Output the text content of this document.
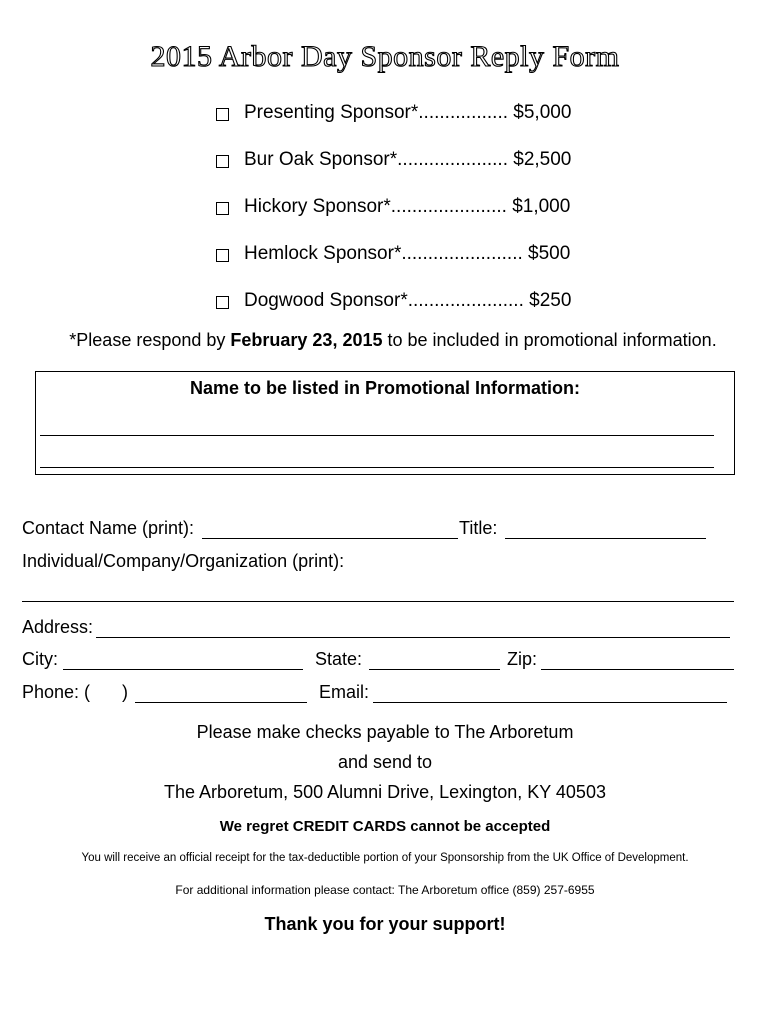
2015 Arbor Day Sponsor Reply Form
Presenting Sponsor*................. $5,000
Bur Oak Sponsor*..................... $2,500
Hickory Sponsor*...................... $1,000
Hemlock Sponsor*....................... $500
Dogwood Sponsor*...................... $250
*Please respond by February 23, 2015 to be included in promotional information.
Name to be listed in Promotional Information:
Contact Name (print):	Title:
Individual/Company/Organization (print):
Address:
City:	State:	Zip:
Phone: ( )	Email:
Please make checks payable to The Arboretum
and send to
The Arboretum, 500 Alumni Drive, Lexington, KY 40503
We regret CREDIT CARDS cannot be accepted
You will receive an official receipt for the tax-deductible portion of your Sponsorship from the UK Office of Development.
For additional information please contact: The Arboretum office (859) 257-6955
Thank you for your support!
